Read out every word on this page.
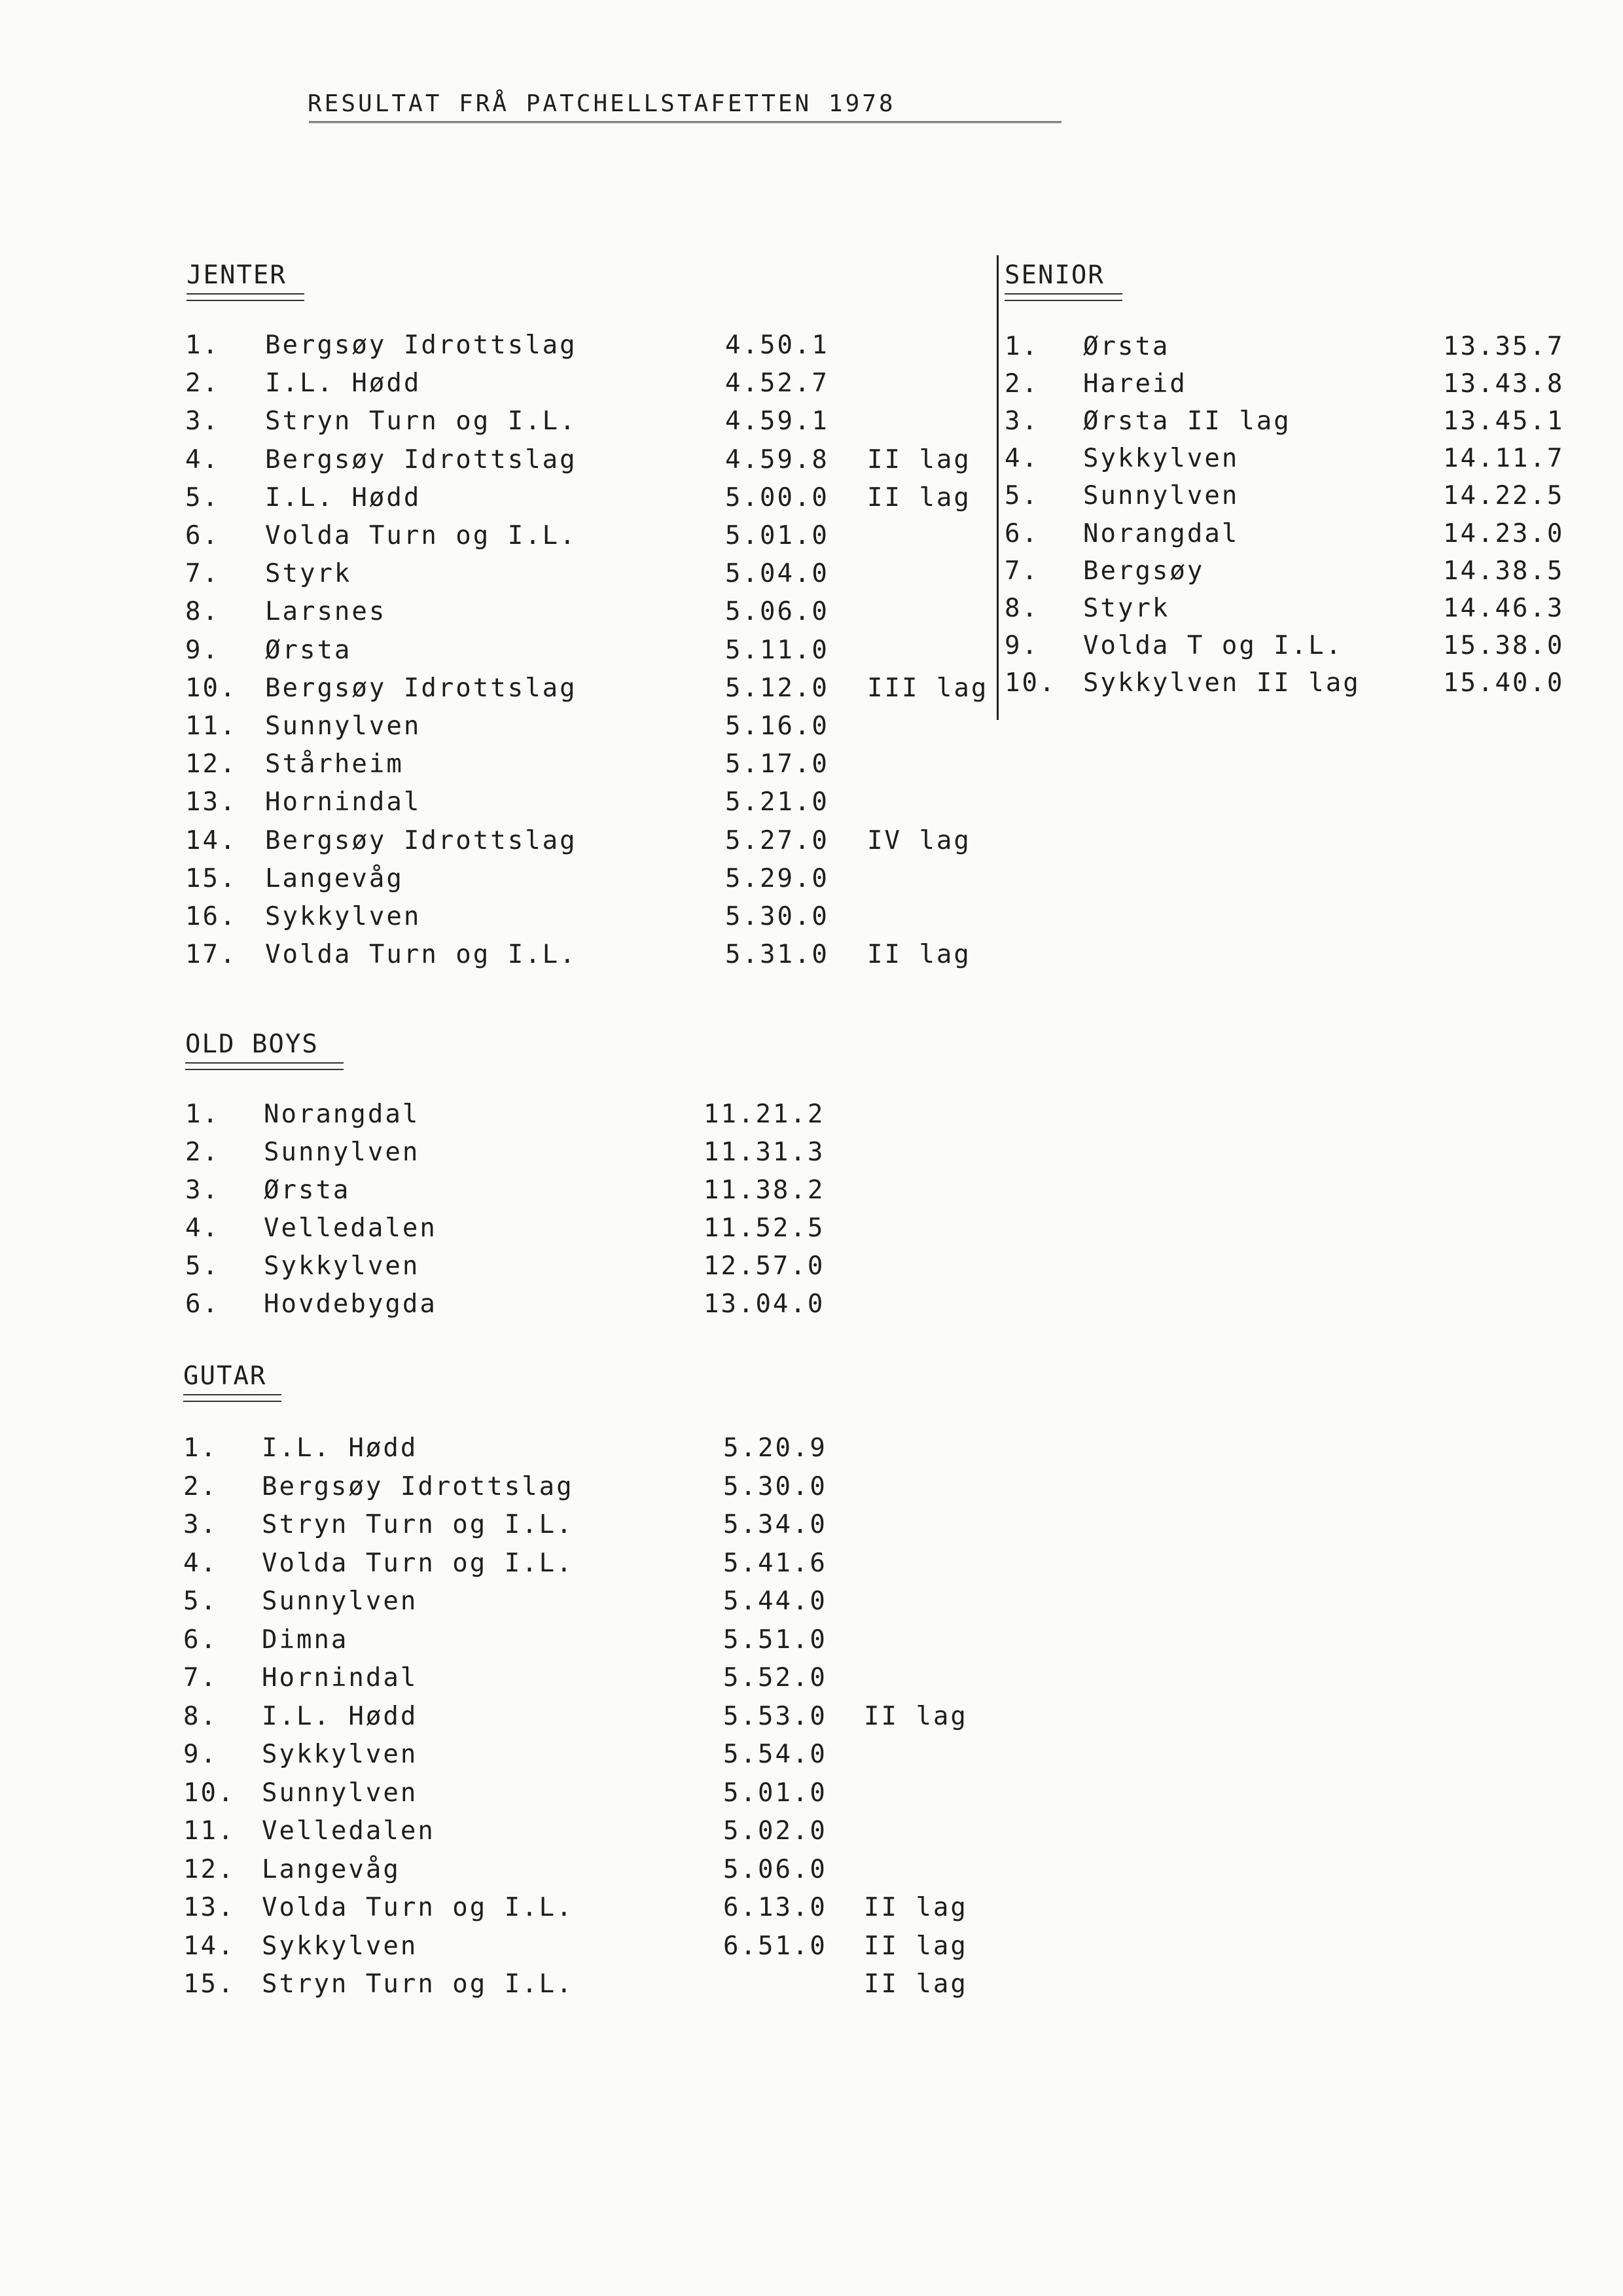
RESULTAT FRÅ PATCHELLSTAFETTEN 1978
JENTER
1. Bergsøy Idrottslag	4.50.1
2. I.L. Hødd	4.52.7
3. Stryn Turn og I.L.	4.59.1
4. Bergsøy Idrottslag	4.59.8 II lag
5. I.L. Hødd	5.00.0 II lag
6. Volda Turn og I.L.	5.01.0
7. Styrk	5.04.0
8. Larsnes	5.06.0
9. Ørsta	5.11.0
10. Bergsøy Idrottslag	5.12.0 III lag
11. Sunnylven	5.16.0
12. Stårheim	5.17.0
13. Hornindal	5.21.0
14. Bergsøy Idrottslag	5.27.0 IV lag
15. Langevåg	5.29.0
16. Sykkylven	5.30.0
17. Volda Turn og I.L.	5.31.0 II lag
SENIOR
1. Ørsta	13.35.7
2. Hareid	13.43.8
3. Ørsta II lag	13.45.1
4. Sykkylven	14.11.7
5. Sunnylven	14.22.5
6. Norangdal	14.23.0
7. Bergsøy	14.38.5
8. Styrk	14.46.3
9. Volda T og I.L.	15.38.0
10. Sykkylven II lag	15.40.0
OLD BOYS
1. Norangdal	11.21.2
2. Sunnylven	11.31.3
3. Ørsta	11.38.2
4. Velledalen	11.52.5
5. Sykkylven	12.57.0
6. Hovdebygda	13.04.0
GUTAR
1. I.L. Hødd	5.20.9
2. Bergsøy Idrottslag	5.30.0
3. Stryn Turn og I.L.	5.34.0
4. Volda Turn og I.L.	5.41.6
5. Sunnylven	5.44.0
6. Dimna	5.51.0
7. Hornindal	5.52.0
8. I.L. Hødd	5.53.0 II lag
9. Sykkylven	5.54.0
10. Sunnylven	5.01.0
11. Velledalen	5.02.0
12. Langevåg	5.06.0
13. Volda Turn og I.L.	6.13.0 II lag
14. Sykkylven	6.51.0 II lag
15. Stryn Turn og I.L.	II lag
